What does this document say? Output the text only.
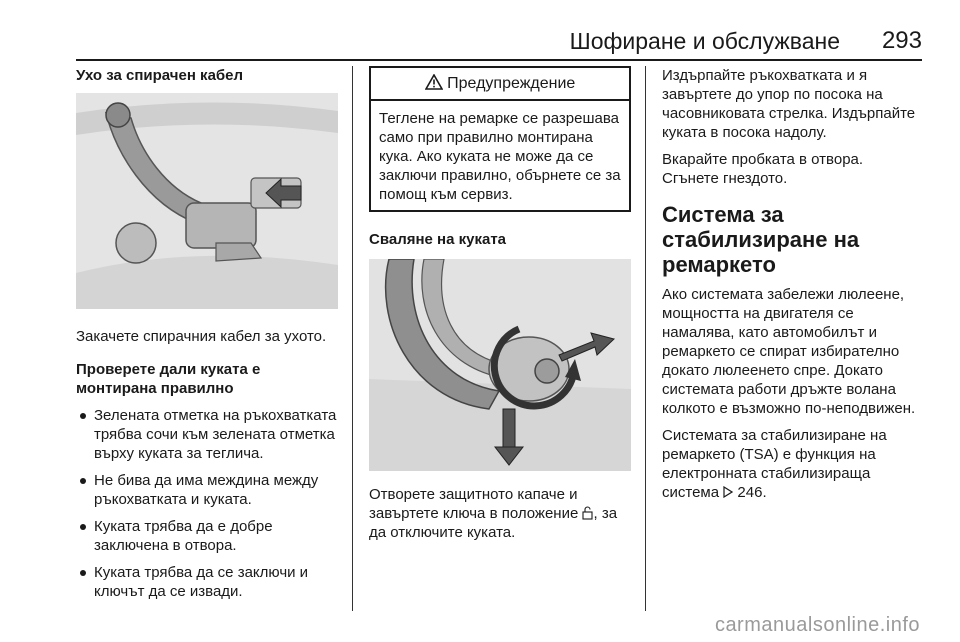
Шофиране и обслужване 293
Ухо за спирачен кабел

Закачете спирачния кабел за ухото.

Проверете дали куката е монтирана правилно
Зелената отметка на ръкохватката трябва сочи към зелената отметка върху куката за теглича.
Не бива да има междина между ръкохватката и куката.
Куката трябва да е добре заключена в отвора.
Куката трябва да се заключи и ключът да се извади.
Предупреждение
Теглене на ремарке се разрешава само при правилно монтирана кука. Ако куката не може да се заключи правилно, обърнете се за помощ към сервиз.
Сваляне на куката

Отворете защитното капаче и завъртете ключа в положение , за да отключите куката.

Издърпайте ръкохватката и я завъртете до упор по посока на часовниковата стрелка. Издърпайте куката в посока надолу.

Вкарайте пробката в отвора. Сгънете гнездото.

Система за стабилизиране на ремаркето

Ако системата забележи люлеене, мощността на двигателя се намалява, като автомобилът и ремаркето се спират избирателно докато люлеенето спре. Докато системата работи дръжте волана колкото е възможно по-неподвижен.

Системата за стабилизиране на ремаркето (TSA) е функция на електронната стабилизираща система  246.

carmanualsonline.info
